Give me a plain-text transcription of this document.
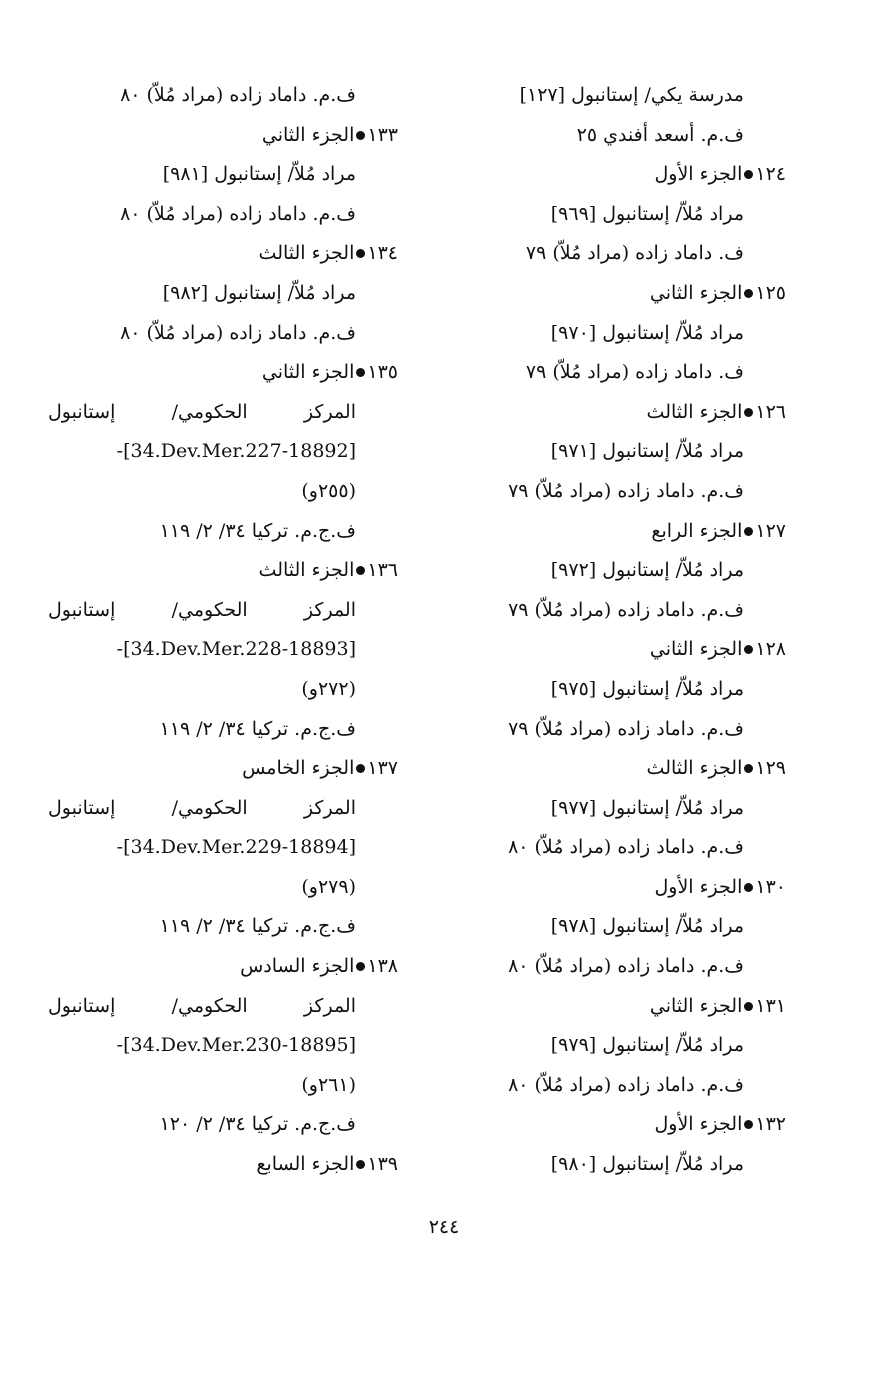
مدرسة يكي/ إستانبول [١٢٧]
ف.م. أسعد أفندي ٢٥
١٢٤الجزء الأول
مراد مُلاّ/ إستانبول [٩٦٩]
ف. داماد زاده (مراد مُلاّ) ٧٩
١٢٥الجزء الثاني
مراد مُلاّ/ إستانبول [٩٧٠]
ف. داماد زاده (مراد مُلاّ) ٧٩
١٢٦الجزء الثالث
مراد مُلاّ/ إستانبول [٩٧١]
ف.م. داماد زاده (مراد مُلاّ) ٧٩
١٢٧الجزء الرابع
مراد مُلاّ/ إستانبول [٩٧٢]
ف.م. داماد زاده (مراد مُلاّ) ٧٩
١٢٨الجزء الثاني
مراد مُلاّ/ إستانبول [٩٧٥]
ف.م. داماد زاده (مراد مُلاّ) ٧٩
١٢٩الجزء الثالث
مراد مُلاّ/ إستانبول [٩٧٧]
ف.م. داماد زاده (مراد مُلاّ) ٨٠
١٣٠الجزء الأول
مراد مُلاّ/ إستانبول [٩٧٨]
ف.م. داماد زاده (مراد مُلاّ) ٨٠
١٣١الجزء الثاني
مراد مُلاّ/ إستانبول [٩٧٩]
ف.م. داماد زاده (مراد مُلاّ) ٨٠
١٣٢الجزء الأول
مراد مُلاّ/ إستانبول [٩٨٠]
ف.م. داماد زاده (مراد مُلاّ) ٨٠
١٣٣الجزء الثاني
مراد مُلاّ/ إستانبول [٩٨١]
ف.م. داماد زاده (مراد مُلاّ) ٨٠
١٣٤الجزء الثالث
مراد مُلاّ/ إستانبول [٩٨٢]
ف.م. داماد زاده (مراد مُلاّ) ٨٠
١٣٥الجزء الثاني
المركز الحكومي/ إستانبول
-[34.Dev.Mer.227-18892]
(٢٥٥و)
ف.ج.م. تركيا ٣٤/ ٢/ ١١٩
١٣٦الجزء الثالث
المركز الحكومي/ إستانبول
-[34.Dev.Mer.228-18893]
(٢٧٢و)
ف.ج.م. تركيا ٣٤/ ٢/ ١١٩
١٣٧الجزء الخامس
المركز الحكومي/ إستانبول
-[34.Dev.Mer.229-18894]
(٢٧٩و)
ف.ج.م. تركيا ٣٤/ ٢/ ١١٩
١٣٨الجزء السادس
المركز الحكومي/ إستانبول
-[34.Dev.Mer.230-18895]
(٢٦١و)
ف.ج.م. تركيا ٣٤/ ٢/ ١٢٠
١٣٩الجزء السابع
٢٤٤
